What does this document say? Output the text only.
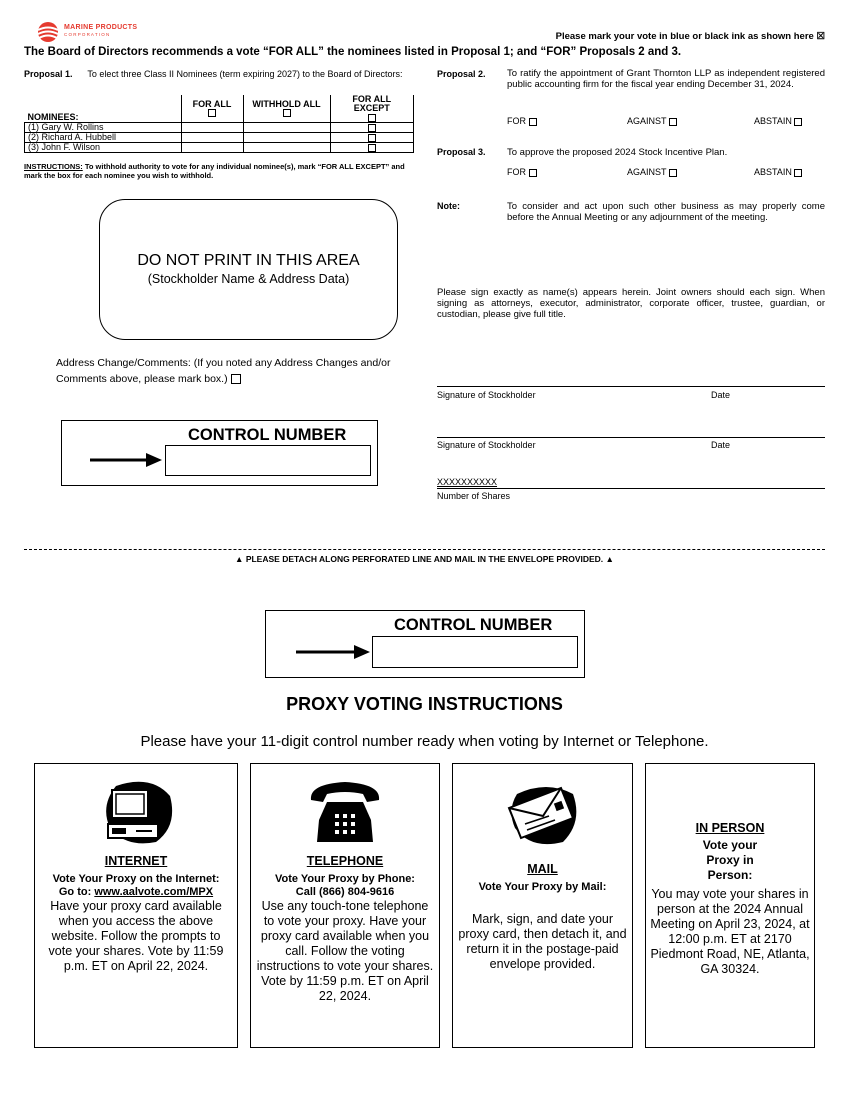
MARINE PRODUCTS
C O R P O R A T I O N	Please mark your vote in blue or black ink as shown here ☒
The Board of Directors recommends a vote “FOR ALL” the nominees listed in Proposal 1; and “FOR” Proposals 2 and 3.
Proposal 1.	To elect three Class II Nominees (term expiring 2027) to the Board of Directors:
NOMINEES:	FOR ALL	WITHHOLD ALL	FOR ALL EXCEPT

(1) Gary W. Rollins			
(2) Richard A. Hubbell			
(3) John F. Wilson			
INSTRUCTIONS: To withhold authority to vote for any individual nominee(s), mark “FOR ALL EXCEPT” and mark the box for each nominee you wish to withhold.
DO NOT PRINT IN THIS AREA
(Stockholder Name & Address Data)
Address Change/Comments: (If you noted any Address Changes and/or Comments above, please mark box.)
CONTROL NUMBER
Proposal 2. To ratify the appointment of Grant Thornton LLP as independent registered public accounting firm for the fiscal year ending December 31, 2024.
FOR	AGAINST	ABSTAIN
Proposal 3. To approve the proposed 2024 Stock Incentive Plan.
FOR	AGAINST	ABSTAIN
Note:	To consider and act upon such other business as may properly come before the Annual Meeting or any adjournment of the meeting.
Please sign exactly as name(s) appears herein. Joint owners should each sign. When signing as attorneys, executor, administrator, corporate officer, trustee, guardian, or custodian, please give full title.
Signature of Stockholder	Date
Signature of Stockholder	Date
XXXXXXXXXX
Number of Shares
▲ PLEASE DETACH ALONG PERFORATED LINE AND MAIL IN THE ENVELOPE PROVIDED. ▲
CONTROL NUMBER
PROXY VOTING INSTRUCTIONS
Please have your 11-digit control number ready when voting by Internet or Telephone.
INTERNET
Vote Your Proxy on the Internet:
Go to: www.aalvote.com/MPX
Have your proxy card available when you access the above website. Follow the prompts to vote your shares. Vote by 11:59 p.m. ET on April 22, 2024.
TELEPHONE
Vote Your Proxy by Phone:
Call (866) 804-9616
Use any touch-tone telephone to vote your proxy. Have your proxy card available when you call. Follow the voting instructions to vote your shares. Vote by 11:59 p.m. ET on April 22, 2024.
MAIL
Vote Your Proxy by Mail:
Mark, sign, and date your proxy card, then detach it, and return it in the postage-paid envelope provided.
IN PERSON
Vote your Proxy in Person:
You may vote your shares in person at the 2024 Annual Meeting on April 23, 2024, at 12:00 p.m. ET at 2170 Piedmont Road, NE, Atlanta, GA 30324.
